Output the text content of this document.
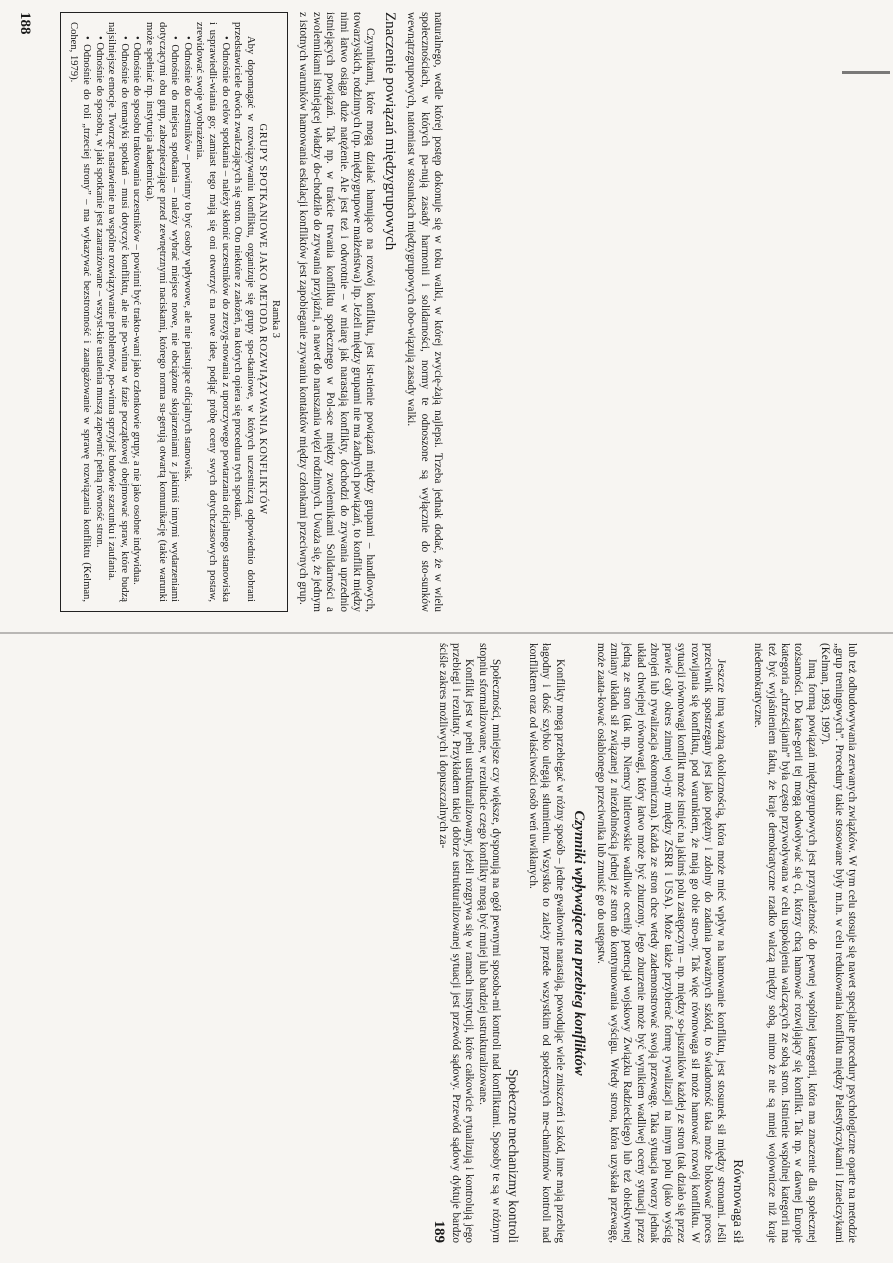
naturalnego, wedle której postęp dokonuje się w toku walki, w której zwycię-żają najlepsi. Trzeba jednak dodać, że w wielu społecznościach, w których pa-nują zasady harmonii i solidarności, normy te odnoszone są wyłącznie do sto-sunków wewnątrzgrupowych, natomiast w stosunkach międzygrupowych obo-wiązują zasady walki.

Znaczenie powiązań międzygrupowych

Czynnikami, które mogą działać hamująco na rozwój konfliktu, jest ist-nienie powiązań między grupami – handlowych, towarzyskich, rodzinnych (np. międzygrupowe małżeństwa) itp. Jeżeli między grupami nie ma żadnych powiązań, to konflikt między nimi łatwo osiąga duże natężenie. Ale jest też i odwrotnie – w miarę jak narastają konflikty, dochodzi do zrywania uprzednio istniejących powiązań. Tak np. w trakcie trwania konfliktu społecznego w Pol-sce między zwolennikami Solidarności a zwolennikami istniejącej władzy do-chodziło do zrywania przyjaźni, a nawet do naruszania więzi rodzinnych. Uważa się, że jednym z istotnych warunków hamowania eskalacji konfliktów jest zapobieganie zrywaniu kontaktów między członkami przeciwnych grup.

Ramka 3

GRUPY SPOTKANIOWE JAKO METODA ROZWIĄZYWANIA KONFLIKTÓW

Aby dopomagać w rozwiązywaniu konfliktu, organizuje się grupy spo-tkaniowe, w których uczestniczą odpowiednio dobrani przedstawiciele dwóch zwalczających się stron. Oto niektóre z założeń, na których opiera się procedura tych spotkań.

• Odnośnie do celów spotkania – należy skłonić uczestników do zrezyg-nowania z uporczywego powtarzania oficjalnego stanowiska i usprawiedli-wiania go; zamiast tego mają się oni otworzyć na nowe idee, podjąć próbę oceny swych dotychczasowych postaw, zrewidować swoje wyobrażenia.

• Odnośnie do uczestników – powinny to być osoby wpływowe, ale nie piastujące oficjalnych stanowisk.

• Odnośnie do miejsca spotkania – należy wybrać miejsce nowe, nie obciążone skojarzeniami z jakimiś innymi wydarzeniami dotyczącymi obu grup, zabezpieczające przed zewnętrznymi naciskami, którego norma su-gerują otwartą komunikację (takie warunki może spełniać np. instytucja akademicka).

• Odnośnie do sposobu traktowania uczestników – powinni być trakto-wani jako członkowie grupy, a nie jako osobne indywidua.

• Odnośnie do tematyki spotkań – musi dotyczyć konfliktu, ale nie po-winna w fazie początkowej obejmować spraw, które budzą najsilniejsze emocje. Tworząc nastawienie na wspólne rozwiązywanie problemów, po-winna sprzyjać budowie szacunku i zaufania.

• Odnośnie do sposobu, w jaki spotkanie jest zaaranżowane – wszyst-kie ustalenia muszą zapewnić pełną równość stron.

• Odnośnie do roli „trzeciej strony” – ma wykazywać bezstronność i zaangażowanie w sprawę rozwiązania konfliktu (Kelman, Cohen, 1979).

188

lub też odbudowywania zerwanych związków. W tym celu stosuje się nawet specjalne procedury psychologiczne oparte na metodzie „grup treningowych”. Procedury takie stosowane były m.in. w celu redukowania konfliktu między Palestyńczykami i Izraelczykami (Kelman, 1993, 1997).

Inną formą powiązań międzygrupowych jest przynależność do pewnej wspólnej kategorii, która ma znaczenie dla społecznej tożsamości. Do kate-gorii tej mogą odwoływać się ci, którzy chcą hamować rozwijający się konflikt. Tak np. w dawnej Europie kategoria „chrześcijanin” była często przywoływana w celu uspokojenia walczących ze sobą stron. Istnienie wspólnej kategorii ma też być wyjaśnieniem faktu, że kraje demokratyczne rzadko walczą między sobą, mimo że nie są mniej wojownicze niż kraje niedemokratyczne.

Równowaga sił

Jeszcze inną ważną okolicznością, która może mieć wpływ na hamowanie konfliktu, jest stosunek sił między stronami. Jeśli przeciwnik spostrzegany jest jako potężny i zdolny do zadania poważnych szkód, to świadomość taka może blokować proces rozwijania się konfliktu, pod warunkiem, że mają go obie stro-ny. Tak więc równowaga sił może hamować rozwój konfliktu. W sytuacji równowagi konflikt może istnieć na jakimś polu zastępczym – np. między so-juszników każdej ze stron (tak działo się przez prawie cały okres zimnej woj-ny między ZSRR i USA). Może także przybierać formę rywalizacji na innym polu (jako wyścig zbrojeń lub rywalizacja ekonomiczna). Każda ze stron chce wtedy zademonstrować swoją przewagę. Taka sytuacja tworzy jednak układ chwiejnej równowagi, który łatwo może być zburzony. Jego zburzenie może być wynikiem wadliwej oceny sytuacji przez jedną ze stron (tak np. Niemcy hitlerowskie wadliwie oceniły potencjał wojskowy Związku Radzieckiego) lub też obiektywnej zmiany układu sił związanej z niezdolnością jednej ze stron do kontynuowania wyścigu. Wtedy strona, która uzyskała przewagę, może zaata-kować osłabionego przeciwnika lub zmusić go do ustępstw.

Czynniki wpływające na przebieg konfliktów

Konflikty mogą przebiegać w różny sposób – jedne gwałtownie narastają, powodując wiele zniszczeń i szkód, inne mają przebieg łagodny i dość szybko ulegają stłumieniu. Wszystko to zależy przede wszystkim od społecznych me-chanizmów kontroli nad konfliktem oraz od właściwości osób weń uwikłanych.

Społeczne mechanizmy kontroli

Społeczności, mniejsze czy większe, dysponują na ogół pewnymi sposoba-mi kontroli nad konfliktami. Sposoby te są w różnym stopniu sformalizowane, w rezultacie czego konflikty mogą być mniej lub bardziej ustrukturalizowane.

Konflikt jest w pełni ustrukturalizowany, jeżeli rozgrywa się w ramach instytucji, które całkowicie rytualizują i kontrolują jego przebiegi i rezultaty. Przykładem takiej dobrze ustrukturalizowanej sytuacji jest przewód sądowy. Przewód sądowy dyktuje bardzo ściśle zakres możliwych i dopuszczalnych za-

189
